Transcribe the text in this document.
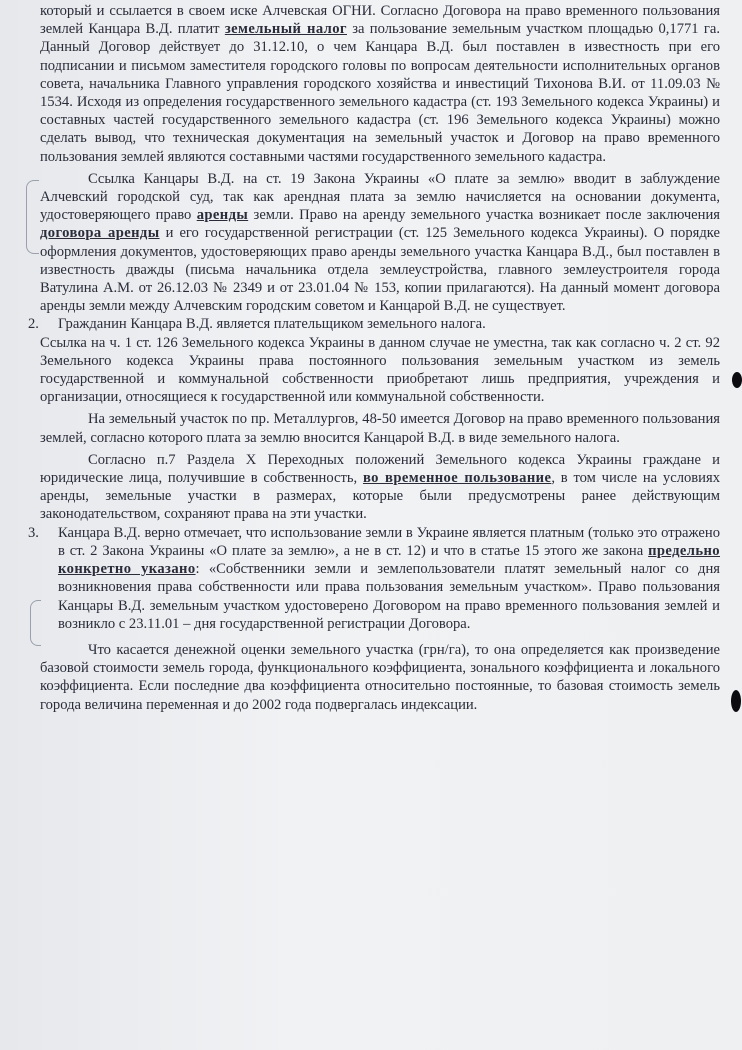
который и ссылается в своем иске Алчевская ОГНИ. Согласно Договора на право временного пользования землей Канцара В.Д. платит земельный налог за пользование земельным участком площадью 0,1771 га. Данный Договор действует до 31.12.10, о чем Канцара В.Д. был поставлен в известность при его подписании и письмом заместителя городского головы по вопросам деятельности исполнительных органов совета, начальника Главного управления городского хозяйства и инвестиций Тихонова В.И. от 11.09.03 № 1534. Исходя из определения государственного земельного кадастра (ст. 193 Земельного кодекса Украины) и составных частей государственного земельного кадастра (ст. 196 Земельного кодекса Украины) можно сделать вывод, что техническая документация на земельный участок и Договор на право временного пользования землей являются составными частями государственного земельного кадастра.

Ссылка Канцары В.Д. на ст. 19 Закона Украины «О плате за землю» вводит в заблуждение Алчевский городской суд, так как арендная плата за землю начисляется на основании документа, удостоверяющего право аренды земли. Право на аренду земельного участка возникает после заключения договора аренды и его государственной регистрации (ст. 125 Земельного кодекса Украины). О порядке оформления документов, удостоверяющих право аренды земельного участка Канцара В.Д., был поставлен в известность дважды (письма начальника отдела землеустройства, главного землеустроителя города Ватулина А.М. от 26.12.03 № 2349 и от 23.01.04 № 153, копии прилагаются). На данный момент договора аренды земли между Алчевским городским советом и Канцарой В.Д. не существует.

2. Гражданин Канцара В.Д. является плательщиком земельного налога.

Ссылка на ч. 1 ст. 126 Земельного кодекса Украины в данном случае не уместна, так как согласно ч. 2 ст. 92 Земельного кодекса Украины права постоянного пользования земельным участком из земель государственной и коммунальной собственности приобретают лишь предприятия, учреждения и организации, относящиеся к государственной или коммунальной собственности.

На земельный участок по пр. Металлургов, 48-50 имеется Договор на право временного пользования землей, согласно которого плата за землю вносится Канцарой В.Д. в виде земельного налога.

Согласно п.7 Раздела Х Переходных положений Земельного кодекса Украины граждане и юридические лица, получившие в собственность, во временное пользование, в том числе на условиях аренды, земельные участки в размерах, которые были предусмотрены ранее действующим законодательством, сохраняют права на эти участки.

3. Канцара В.Д. верно отмечает, что использование земли в Украине является платным (только это отражено в ст. 2 Закона Украины «О плате за землю», а не в ст. 12) и что в статье 15 этого же закона предельно конкретно указано: «Собственники земли и землепользователи платят земельный налог со дня возникновения права собственности или права пользования земельным участком». Право пользования Канцары В.Д. земельным участком удостоверено Договором на право временного пользования землей и возникло с 23.11.01 – дня государственной регистрации Договора.

Что касается денежной оценки земельного участка (грн/га), то она определяется как произведение базовой стоимости земель города, функционального коэффициента, зонального коэффициента и локального коэффициента. Если последние два коэффициента относительно постоянные, то базовая стоимость земель города величина переменная и до 2002 года подвергалась индексации.
